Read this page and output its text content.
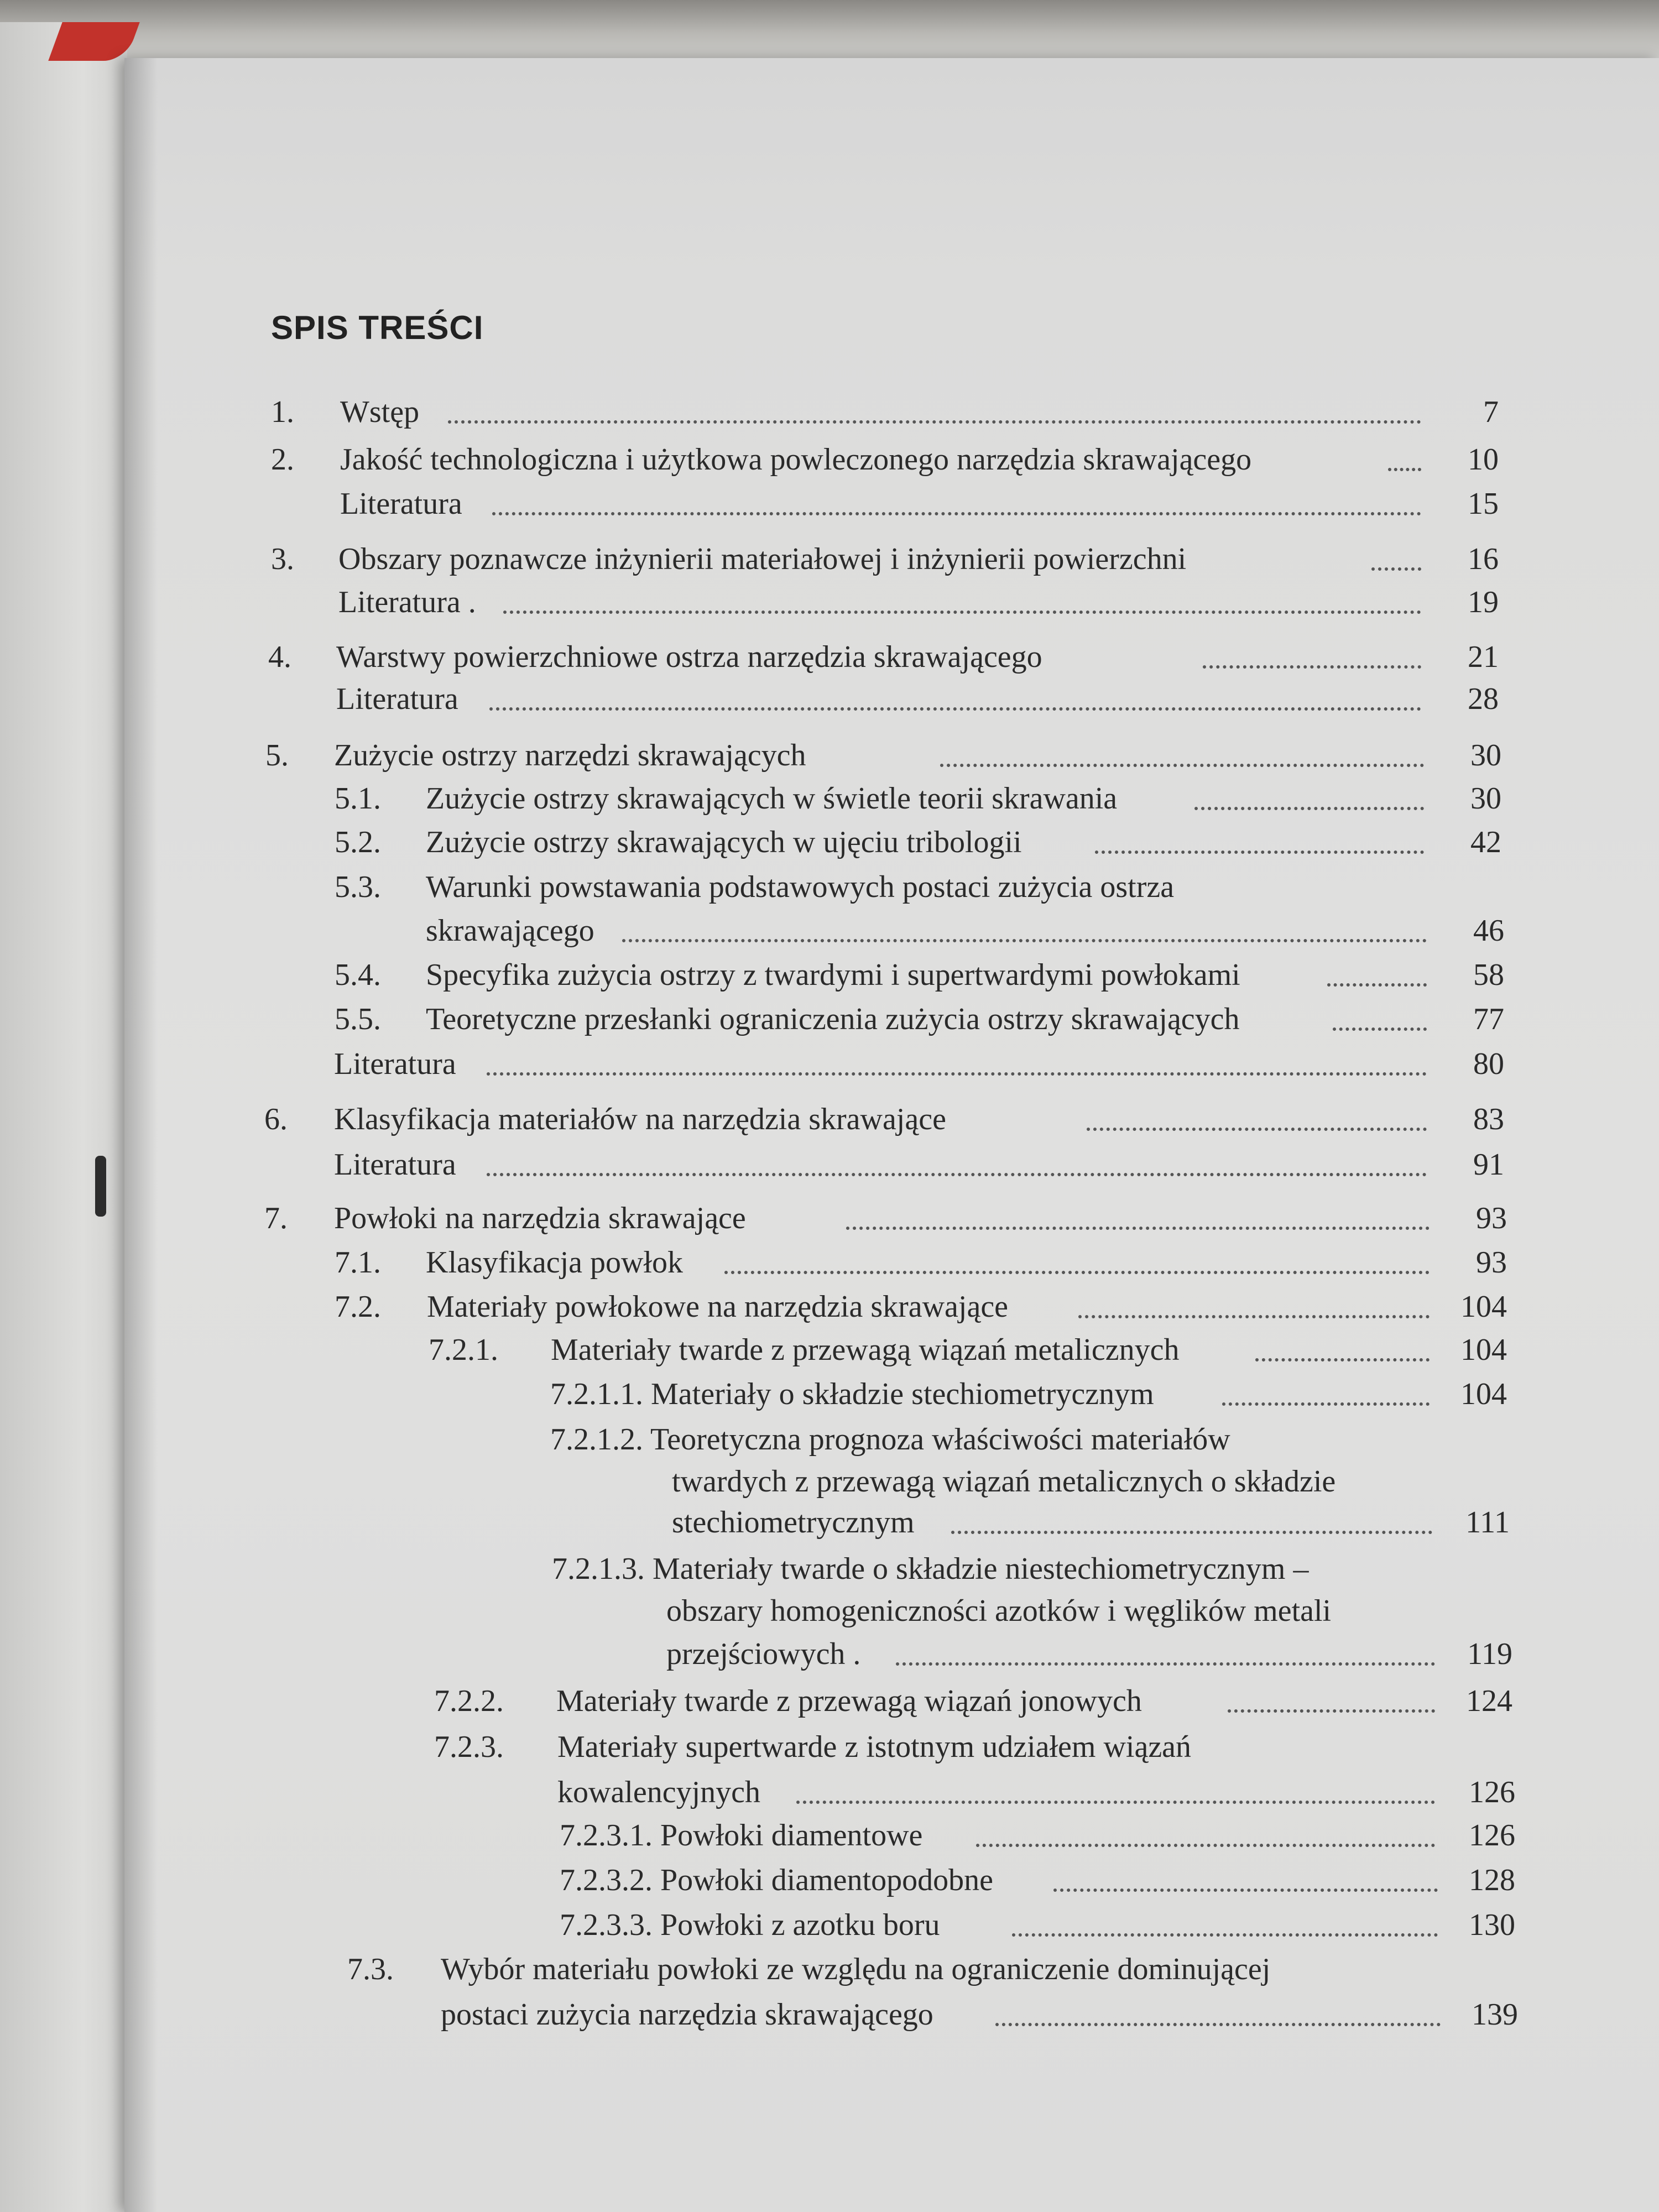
SPIS TREŚCI
1. Wstęp	7
2. Jakość technologiczna i użytkowa powleczonego narzędzia skrawającego	10
Literatura	15
3. Obszary poznawcze inżynierii materiałowej i inżynierii powierzchni	16
Literatura .	19
4. Warstwy powierzchniowe ostrza narzędzia skrawającego	21
Literatura	28
5. Zużycie ostrzy narzędzi skrawających	30
5.1. Zużycie ostrzy skrawających w świetle teorii skrawania	30
5.2. Zużycie ostrzy skrawających w ujęciu tribologii	42
5.3. Warunki powstawania podstawowych postaci zużycia ostrza
skrawającego	46
5.4. Specyfika zużycia ostrzy z twardymi i supertwardymi powłokami	58
5.5. Teoretyczne przesłanki ograniczenia zużycia ostrzy skrawających	77
Literatura	80
6. Klasyfikacja materiałów na narzędzia skrawające	83
Literatura	91
7. Powłoki na narzędzia skrawające	93
7.1. Klasyfikacja powłok	93
7.2. Materiały powłokowe na narzędzia skrawające	104
7.2.1. Materiały twarde z przewagą wiązań metalicznych	104
7.2.1.1. Materiały o składzie stechiometrycznym	104
7.2.1.2. Teoretyczna prognoza właściwości materiałów
twardych z przewagą wiązań metalicznych o składzie
stechiometrycznym	111
7.2.1.3. Materiały twarde o składzie niestechiometrycznym –
obszary homogeniczności azotków i węglików metali
przejściowych .	119
7.2.2. Materiały twarde z przewagą wiązań jonowych	124
7.2.3. Materiały supertwarde z istotnym udziałem wiązań
kowalencyjnych	126
7.2.3.1. Powłoki diamentowe	126
7.2.3.2. Powłoki diamentopodobne	128
7.2.3.3. Powłoki z azotku boru	130
7.3. Wybór materiału powłoki ze względu na ograniczenie dominującej
postaci zużycia narzędzia skrawającego	139
